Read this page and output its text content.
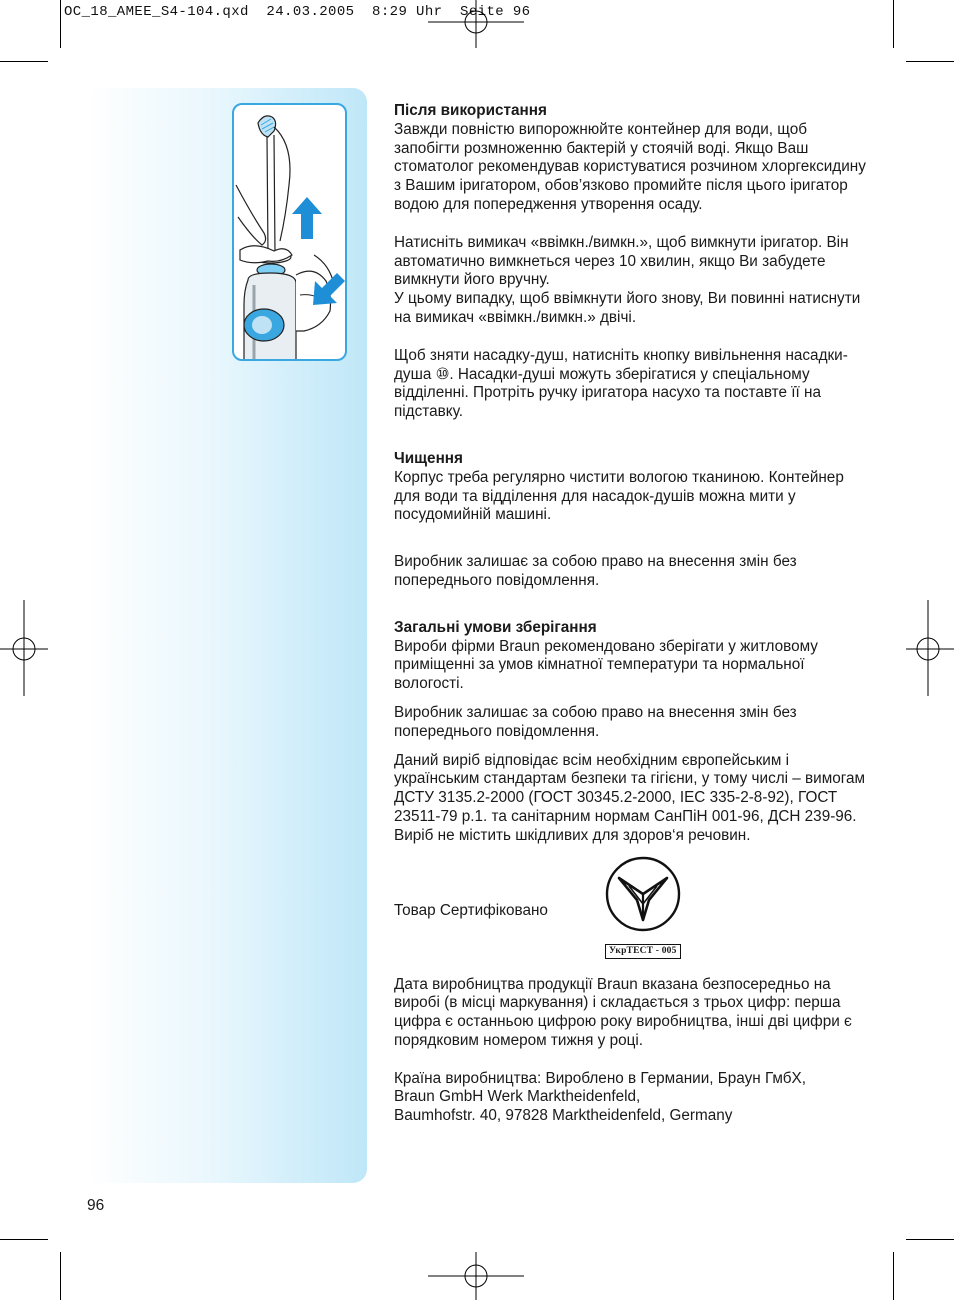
OC_18_AMEE_S4-104.qxd  24.03.2005  8:29 Uhr  Seite 96

Після використання

Завжди повністю випорожнюйте контейнер для води, щоб запобігти розмноженню бактерій у стоячій воді. Якщо Ваш стоматолог рекомендував користуватися розчином хлоргексидину з Вашим іригатором, обов’язково промийте після цього іригатор водою для попередження утворення осаду.

Натисніть вимикач «ввімкн./вимкн.», щоб вимкнути іригатор. Він автоматично вимкнеться через 10 хвилин, якщо Ви забудете вимкнути його вручну.

У цьому випадку, щоб ввімкнути його знову, Ви повинні натиснути на вимикач «ввімкн./вимкн.» двічі.

Щоб зняти насадку-душ, натисніть кнопку вивільнення насадки-душа ⑩. Насадки-душі можуть зберігатися у спеціальному відділенні. Протріть ручку іригатора насухо та поставте її на підставку.

Чищення

Корпус треба регулярно чистити вологою тканиною. Контейнер для води та відділення для насадок-душів можна мити у посудомийній машині.

Виробник залишає за собою право на внесення змін без попереднього повідомлення.

Загальні умови зберігання

Вироби фірми Braun рекомендовано зберігати у житловому приміщенні за умов кімнатної температури та нормальної вологості.

Виробник залишає за собою право на внесення змін без попереднього повідомлення.

Даний виріб відповідає всім необхідним європейським і українським стандартам безпеки та гігієни, у тому числі – вимогам ДСТУ 3135.2-2000 (ГОСТ 30345.2-2000, IEC 335-2-8-92), ГОСТ 23511-79 р.1. та санітарним нормам СанПіН 001-96, ДСН 239-96.

Виріб не містить шкідливих для здоров‘я речовин.

Товар Сертифіковано
УкрТЕСТ - 005

Дата виробництва продукції Braun вказана безпосередньо на виробі (в місці маркування) і складається з трьох цифр: перша цифра є останньою цифрою року виробництва, інші дві цифри є порядковим номером тижня у році.

Країна виробництва: Вироблено в Германии, Браун ГмбХ,

Braun GmbH Werk Marktheidenfeld,

Baumhofstr. 40, 97828 Marktheidenfeld, Germany

96
